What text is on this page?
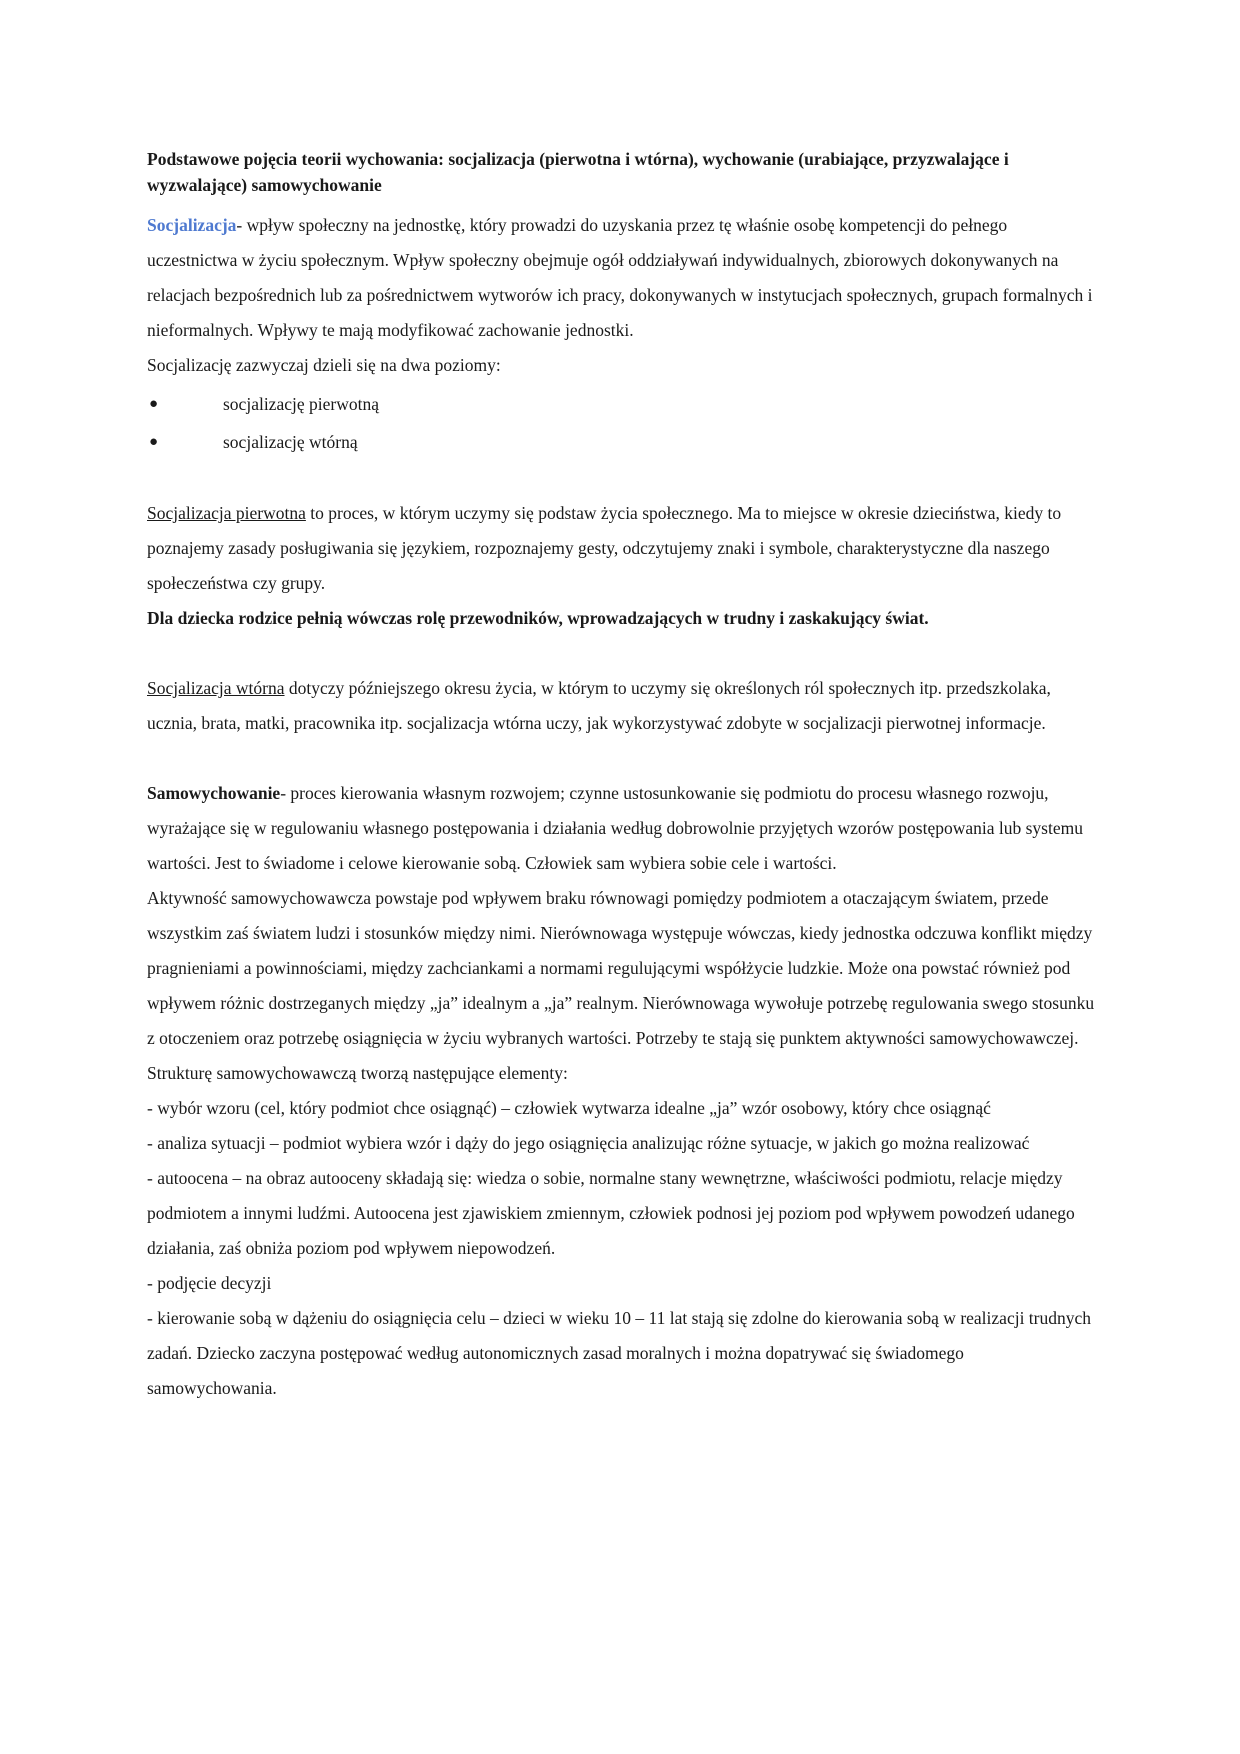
Podstawowe pojęcia teorii wychowania: socjalizacja (pierwotna i wtórna), wychowanie (urabiające, przyzwalające i wyzwalające) samowychowanie

Socjalizacja- wpływ społeczny na jednostkę, który prowadzi do uzyskania przez tę właśnie osobę kompetencji do pełnego uczestnictwa w życiu społecznym. Wpływ społeczny obejmuje ogół oddziaływań indywidualnych, zbiorowych dokonywanych na relacjach bezpośrednich lub za pośrednictwem wytworów ich pracy, dokonywanych w instytucjach społecznych, grupach formalnych i nieformalnych. Wpływy te mają modyfikować zachowanie jednostki.

Socjalizację zazwyczaj dzieli się na dwa poziomy:

●	socjalizację pierwotną
●	socjalizację wtórną

Socjalizacja pierwotna to proces, w którym uczymy się podstaw życia społecznego. Ma to miejsce w okresie dzieciństwa, kiedy to poznajemy zasady posługiwania się językiem, rozpoznajemy gesty, odczytujemy znaki i symbole, charakterystyczne dla naszego społeczeństwa czy grupy.

Dla dziecka rodzice pełnią wówczas rolę przewodników, wprowadzających w trudny i zaskakujący świat.

Socjalizacja wtórna dotyczy późniejszego okresu życia, w którym to uczymy się określonych ról społecznych itp. przedszkolaka, ucznia, brata, matki, pracownika itp. socjalizacja wtórna uczy, jak wykorzystywać zdobyte w socjalizacji pierwotnej informacje.

Samowychowanie- proces kierowania własnym rozwojem; czynne ustosunkowanie się podmiotu do procesu własnego rozwoju, wyrażające się w regulowaniu własnego postępowania i działania według dobrowolnie przyjętych wzorów postępowania lub systemu wartości. Jest to świadome i celowe kierowanie sobą. Człowiek sam wybiera sobie cele i wartości.

Aktywność samowychowawcza powstaje pod wpływem braku równowagi pomiędzy podmiotem a otaczającym światem, przede wszystkim zaś światem ludzi i stosunków między nimi. Nierównowaga występuje wówczas, kiedy jednostka odczuwa konflikt między pragnieniami a powinnościami, między zachciankami a normami regulującymi współżycie ludzkie. Może ona powstać również pod wpływem różnic dostrzeganych między „ja” idealnym a „ja” realnym. Nierównowaga wywołuje potrzebę regulowania swego stosunku z otoczeniem oraz potrzebę osiągnięcia w życiu wybranych wartości. Potrzeby te stają się punktem aktywności samowychowawczej.

Strukturę samowychowawczą tworzą następujące elementy:

- wybór wzoru (cel, który podmiot chce osiągnąć) – człowiek wytwarza idealne „ja” wzór osobowy, który chce osiągnąć

- analiza sytuacji – podmiot wybiera wzór i dąży do jego osiągnięcia analizując różne sytuacje, w jakich go można realizować

- autoocena – na obraz autooceny składają się: wiedza o sobie, normalne stany wewnętrzne, właściwości podmiotu, relacje między podmiotem a innymi ludźmi. Autoocena jest zjawiskiem zmiennym, człowiek podnosi jej poziom pod wpływem powodzeń udanego działania, zaś obniża poziom pod wpływem niepowodzeń.

- podjęcie decyzji

- kierowanie sobą w dążeniu do osiągnięcia celu – dzieci w wieku 10 – 11 lat stają się zdolne do kierowania sobą w realizacji trudnych zadań. Dziecko zaczyna postępować według autonomicznych zasad moralnych i można dopatrywać się świadomego samowychowania.
